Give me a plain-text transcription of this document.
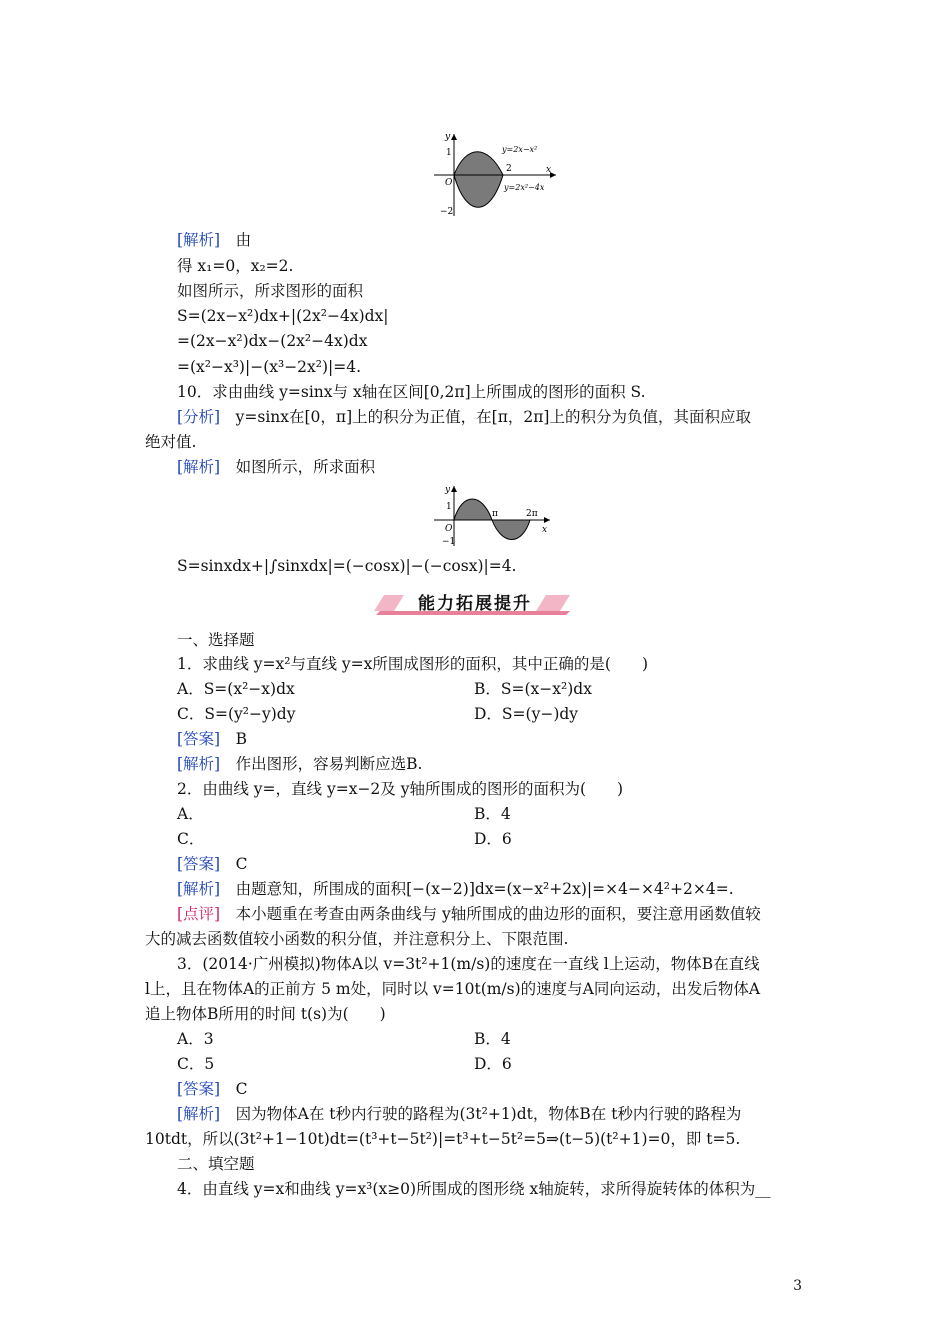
y
x
1
−2
2
O
y=2x−x²
y=2x²−4x
[解析]　 由
得 x₁=0，x₂=2.
如图所示，所求图形的面积
S=(2x−x²)dx+|(2x²−4x)dx|
=(2x−x²)dx−(2x²−4x)dx
=(x²−x³)|−(x³−2x²)|=4.
10．求由曲线 y=sinx与 x轴在区间[0,2π]上所围成的图形的面积 S.
[分析]　 y=sinx在[0，π]上的积分为正值，在[π，2π]上的积分为负值，其面积应取
绝对值.
[解析]　 如图所示，所求面积
y
x
1
−1
π	2π
O
S=sinxdx+|∫sinxdx|=(−cosx)|−(−cosx)|=4.
能力拓展提升
一、选择题
1．求曲线 y=x²与直线 y=x所围成图形的面积，其中正确的是(　　)
A．S=(x²−x)dx	B．S=(x−x²)dx
C．S=(y²−y)dy	D．S=(y−)dy
[答案]　 B
[解析]　 作出图形，容易判断应选B.
2．由曲线 y=，直线 y=x−2及 y轴所围成的图形的面积为(　　)
A．	B．4
C．	D．6
[答案]　 C
[解析]　 由题意知，所围成的面积[−(x−2)]dx=(x−x²+2x)|=×4−×4²+2×4=.
[点评]　 本小题重在考查由两条曲线与 y轴所围成的曲边形的面积，要注意用函数值较
大的减去函数值较小函数的积分值，并注意积分上、下限范围.
3．(2014·广州模拟)物体A以 v=3t²+1(m/s)的速度在一直线 l上运动，物体B在直线
l上，且在物体A的正前方 5 m处，同时以 v=10t(m/s)的速度与A同向运动，出发后物体A
追上物体B所用的时间 t(s)为(　　)
A．3	B．4
C．5	D．6
[答案]　 C
[解析]　 因为物体A在 t秒内行驶的路程为(3t²+1)dt，物体B在 t秒内行驶的路程为
10tdt，所以(3t²+1−10t)dt=(t³+t−5t²)|=t³+t−5t²=5⇒(t−5)(t²+1)=0，即 t=5.
二、填空题
4．由直线 y=x和曲线 y=x³(x≥0)所围成的图形绕 x轴旋转，求所得旋转体的体积为__
3
